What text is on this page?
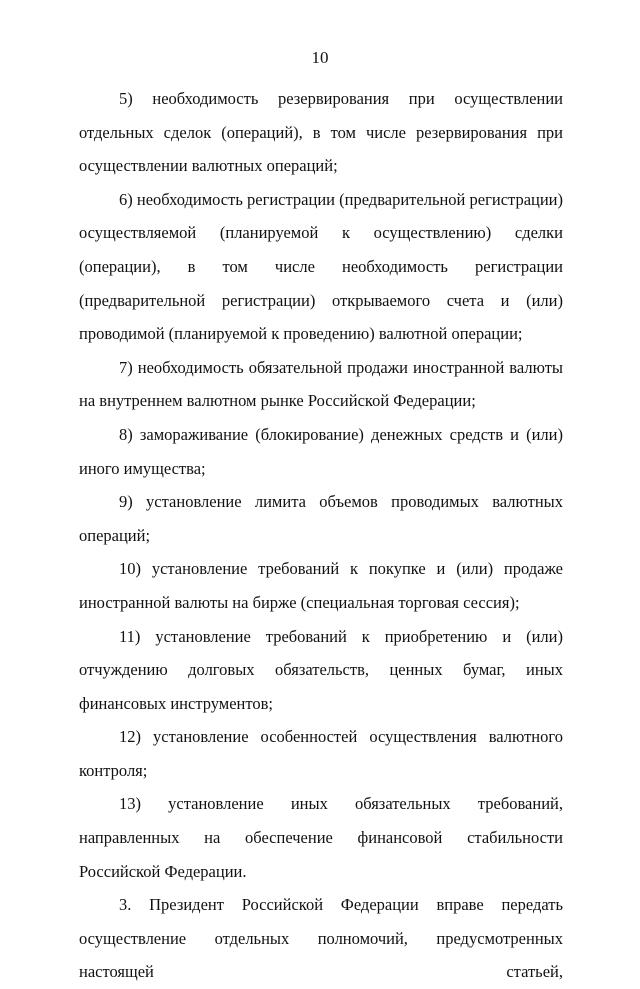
10

5) необходимость резервирования при осуществлении отдельных сделок (операций), в том числе резервирования при осуществлении валютных операций;

6) необходимость регистрации (предварительной регистрации) осуществляемой (планируемой к осуществлению) сделки (операции), в том числе необходимость регистрации (предварительной регистрации) открываемого счета и (или) проводимой (планируемой к проведению) валютной операции;

7) необходимость обязательной продажи иностранной валюты на внутреннем валютном рынке Российской Федерации;

8) замораживание (блокирование) денежных средств и (или) иного имущества;

9) установление лимита объемов проводимых валютных операций;

10) установление требований к покупке и (или) продаже иностранной валюты на бирже (специальная торговая сессия);

11) установление требований к приобретению и (или) отчуждению долговых обязательств, ценных бумаг, иных финансовых инструментов;

12) установление особенностей осуществления валютного контроля;

13) установление иных обязательных требований, направленных на обеспечение финансовой стабильности Российской Федерации.

3. Президент Российской Федерации вправе передать осуществление отдельных полномочий, предусмотренных настоящей статьей,
